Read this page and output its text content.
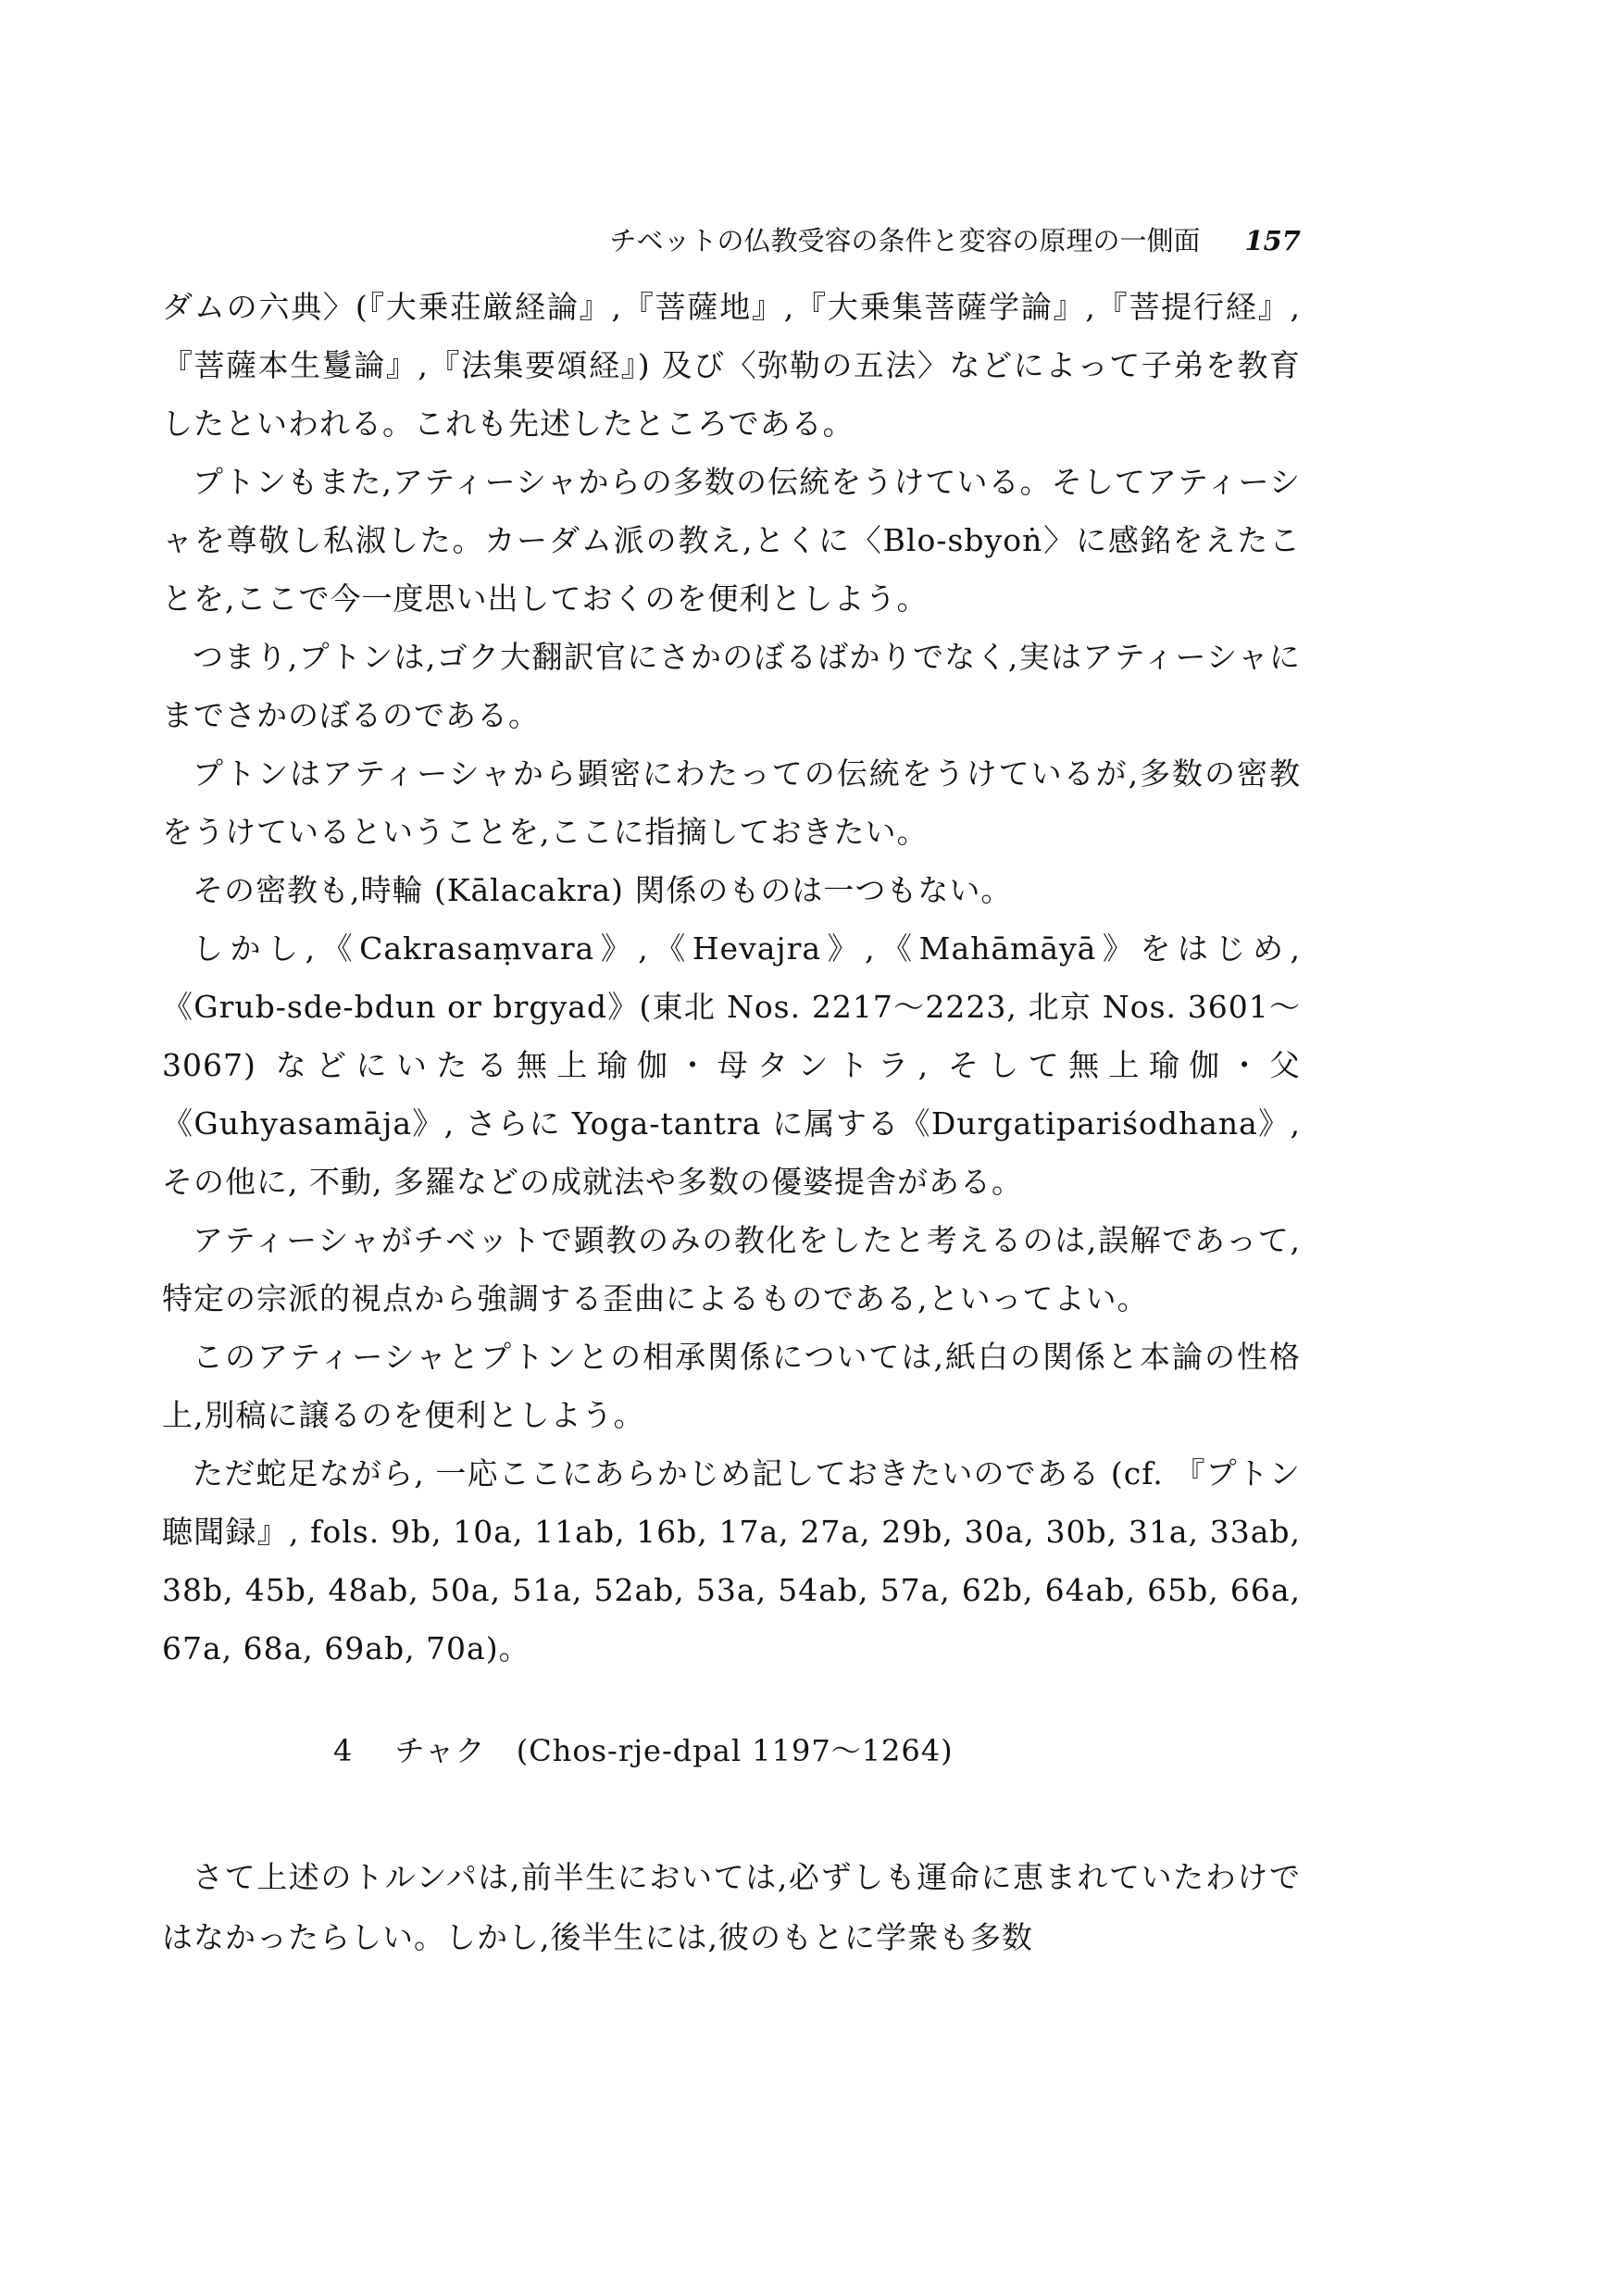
チベットの仏教受容の条件と変容の原理の一側面 157

ダムの六典〉(『大乗荘厳経論』,『菩薩地』,『大乗集菩薩学論』,『菩提行経』,『菩薩本生鬘論』,『法集要頌経』) 及び〈弥勒の五法〉などによって子弟を教育したといわれる。これも先述したところである。

プトンもまた,アティーシャからの多数の伝統をうけている。そしてアティーシャを尊敬し私淑した。カーダム派の教え,とくに〈Blo-sbyoṅ〉に感銘をえたことを,ここで今一度思い出しておくのを便利としよう。

つまり,プトンは,ゴク大翻訳官にさかのぼるばかりでなく,実はアティーシャにまでさかのぼるのである。

プトンはアティーシャから顕密にわたっての伝統をうけているが,多数の密教をうけているということを,ここに指摘しておきたい。

その密教も,時輪 (Kālacakra) 関係のものは一つもない。

しかし,《Cakrasaṃvara》,《Hevajra》,《Mahāmāyā》をはじめ,《Grub-sde-bdun or brgyad》(東北 Nos. 2217〜2223, 北京 Nos. 3601〜3067) などにいたる無上瑜伽・母タントラ, そして無上瑜伽・父《Guhyasamāja》, さらに Yoga-tantra に属する《Durgatipariśodhana》, その他に, 不動, 多羅などの成就法や多数の優婆提舎がある。

アティーシャがチベットで顕教のみの教化をしたと考えるのは,誤解であって,特定の宗派的視点から強調する歪曲によるものである,といってよい。

このアティーシャとプトンとの相承関係については,紙白の関係と本論の性格上,別稿に譲るのを便利としよう。

ただ蛇足ながら, 一応ここにあらかじめ記しておきたいのである (cf. 『プトン聴聞録』, fols. 9b, 10a, 11ab, 16b, 17a, 27a, 29b, 30a, 30b, 31a, 33ab, 38b, 45b, 48ab, 50a, 51a, 52ab, 53a, 54ab, 57a, 62b, 64ab, 65b, 66a, 67a, 68a, 69ab, 70a)。

4 チャク (Chos-rje-dpal 1197〜1264)

さて上述のトルンパは,前半生においては,必ずしも運命に恵まれていたわけではなかったらしい。しかし,後半生には,彼のもとに学衆も多数
